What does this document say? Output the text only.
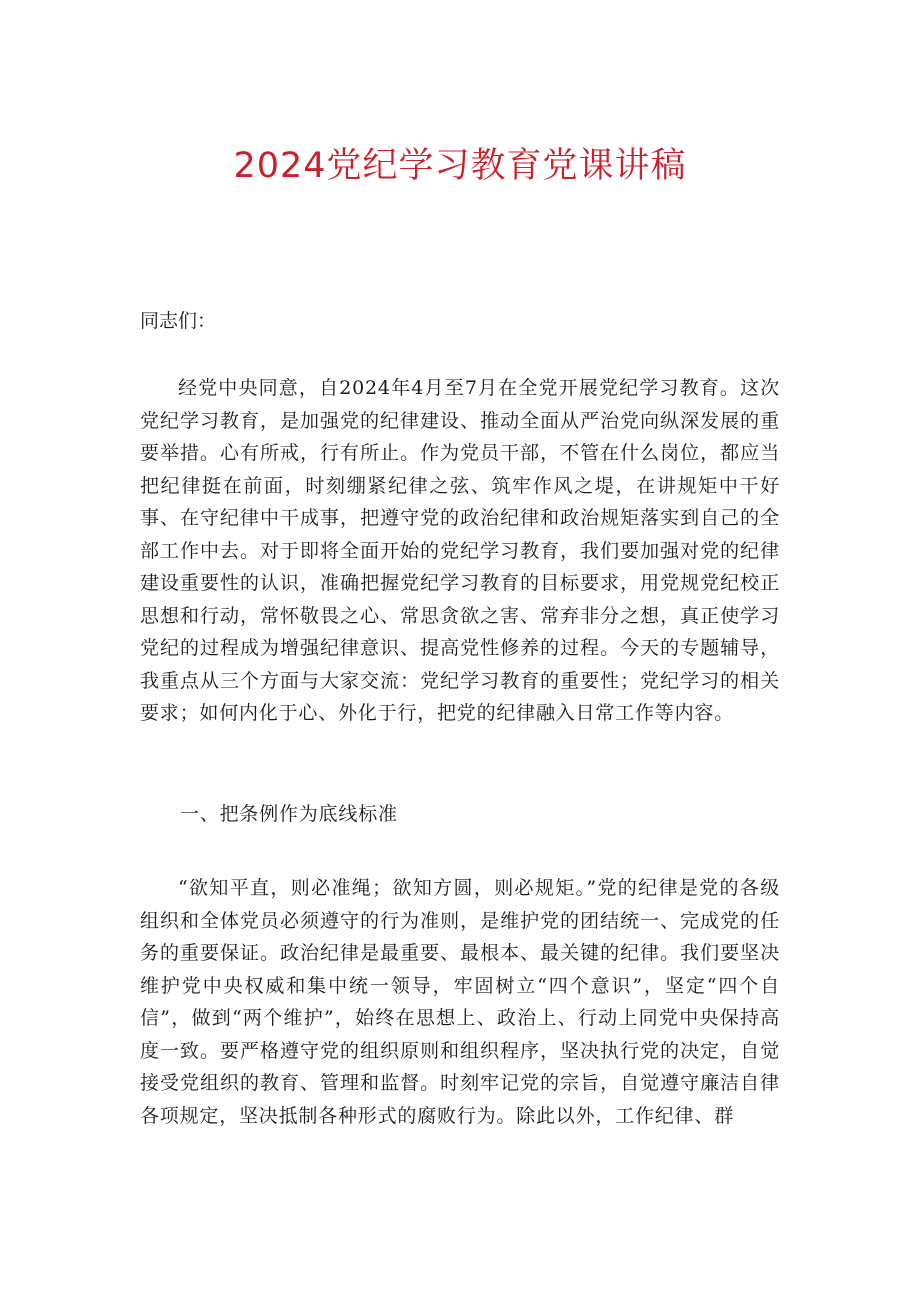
2024党纪学习教育党课讲稿

同志们：

经党中央同意，自2024年4月至7月在全党开展党纪学习教育。这次党纪学习教育，是加强党的纪律建设、推动全面从严治党向纵深发展的重要举措。心有所戒，行有所止。作为党员干部，不管在什么岗位，都应当把纪律挺在前面，时刻绷紧纪律之弦、筑牢作风之堤，在讲规矩中干好事、在守纪律中干成事，把遵守党的政治纪律和政治规矩落实到自己的全部工作中去。对于即将全面开始的党纪学习教育，我们要加强对党的纪律建设重要性的认识，准确把握党纪学习教育的目标要求，用党规党纪校正思想和行动，常怀敬畏之心、常思贪欲之害、常弃非分之想，真正使学习党纪的过程成为增强纪律意识、提高党性修养的过程。今天的专题辅导，我重点从三个方面与大家交流：党纪学习教育的重要性；党纪学习的相关要求；如何内化于心、外化于行，把党的纪律融入日常工作等内容。

一、把条例作为底线标准

“欲知平直，则必准绳；欲知方圆，则必规矩。”党的纪律是党的各级组织和全体党员必须遵守的行为准则，是维护党的团结统一、完成党的任务的重要保证。政治纪律是最重要、最根本、最关键的纪律。我们要坚决维护党中央权威和集中统一领导，牢固树立“四个意识”，坚定“四个自信”，做到“两个维护”，始终在思想上、政治上、行动上同党中央保持高度一致。要严格遵守党的组织原则和组织程序，坚决执行党的决定，自觉接受党组织的教育、管理和监督。时刻牢记党的宗旨，自觉遵守廉洁自律各项规定，坚决抵制各种形式的腐败行为。除此以外，工作纪律、群
